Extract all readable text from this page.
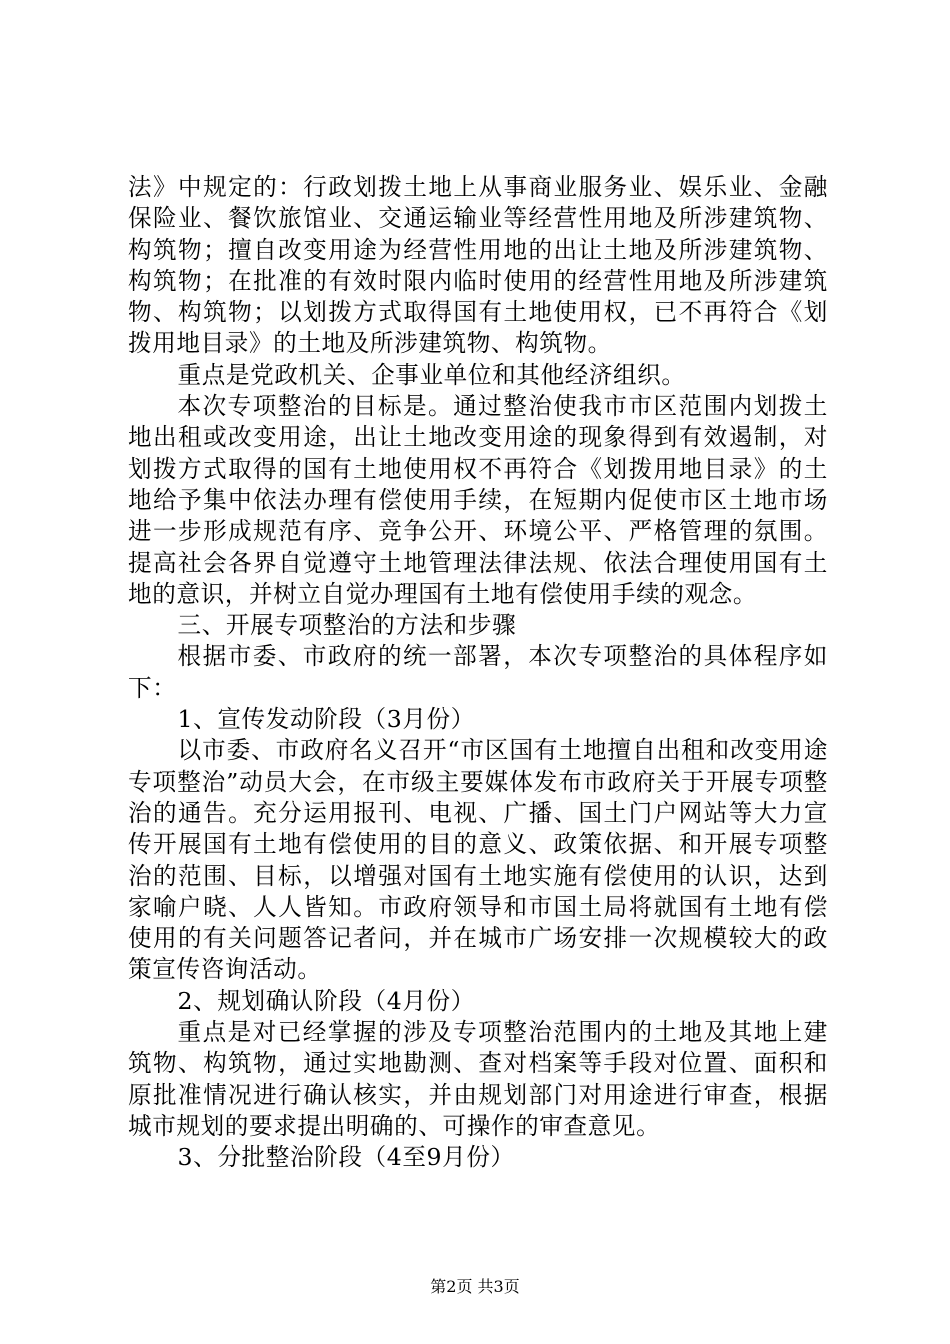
法》中规定的：行政划拨土地上从事商业服务业、娱乐业、金融保险业、餐饮旅馆业、交通运输业等经营性用地及所涉建筑物、构筑物；擅自改变用途为经营性用地的出让土地及所涉建筑物、构筑物；在批准的有效时限内临时使用的经营性用地及所涉建筑物、构筑物；以划拨方式取得国有土地使用权，已不再符合《划拨用地目录》的土地及所涉建筑物、构筑物。

重点是党政机关、企事业单位和其他经济组织。

本次专项整治的目标是。通过整治使我市市区范围内划拨土地出租或改变用途，出让土地改变用途的现象得到有效遏制，对划拨方式取得的国有土地使用权不再符合《划拨用地目录》的土地给予集中依法办理有偿使用手续，在短期内促使市区土地市场进一步形成规范有序、竞争公开、环境公平、严格管理的氛围。提高社会各界自觉遵守土地管理法律法规、依法合理使用国有土地的意识，并树立自觉办理国有土地有偿使用手续的观念。

三、开展专项整治的方法和步骤

根据市委、市政府的统一部署，本次专项整治的具体程序如下：

1、宣传发动阶段（3月份）

以市委、市政府名义召开“市区国有土地擅自出租和改变用途专项整治”动员大会，在市级主要媒体发布市政府关于开展专项整治的通告。充分运用报刊、电视、广播、国土门户网站等大力宣传开展国有土地有偿使用的目的意义、政策依据、和开展专项整治的范围、目标，以增强对国有土地实施有偿使用的认识，达到家喻户晓、人人皆知。市政府领导和市国土局将就国有土地有偿使用的有关问题答记者问，并在城市广场安排一次规模较大的政策宣传咨询活动。

2、规划确认阶段（4月份）

重点是对已经掌握的涉及专项整治范围内的土地及其地上建筑物、构筑物，通过实地勘测、查对档案等手段对位置、面积和原批准情况进行确认核实，并由规划部门对用途进行审查，根据城市规划的要求提出明确的、可操作的审查意见。

3、分批整治阶段（4至9月份）

第2页 共3页
